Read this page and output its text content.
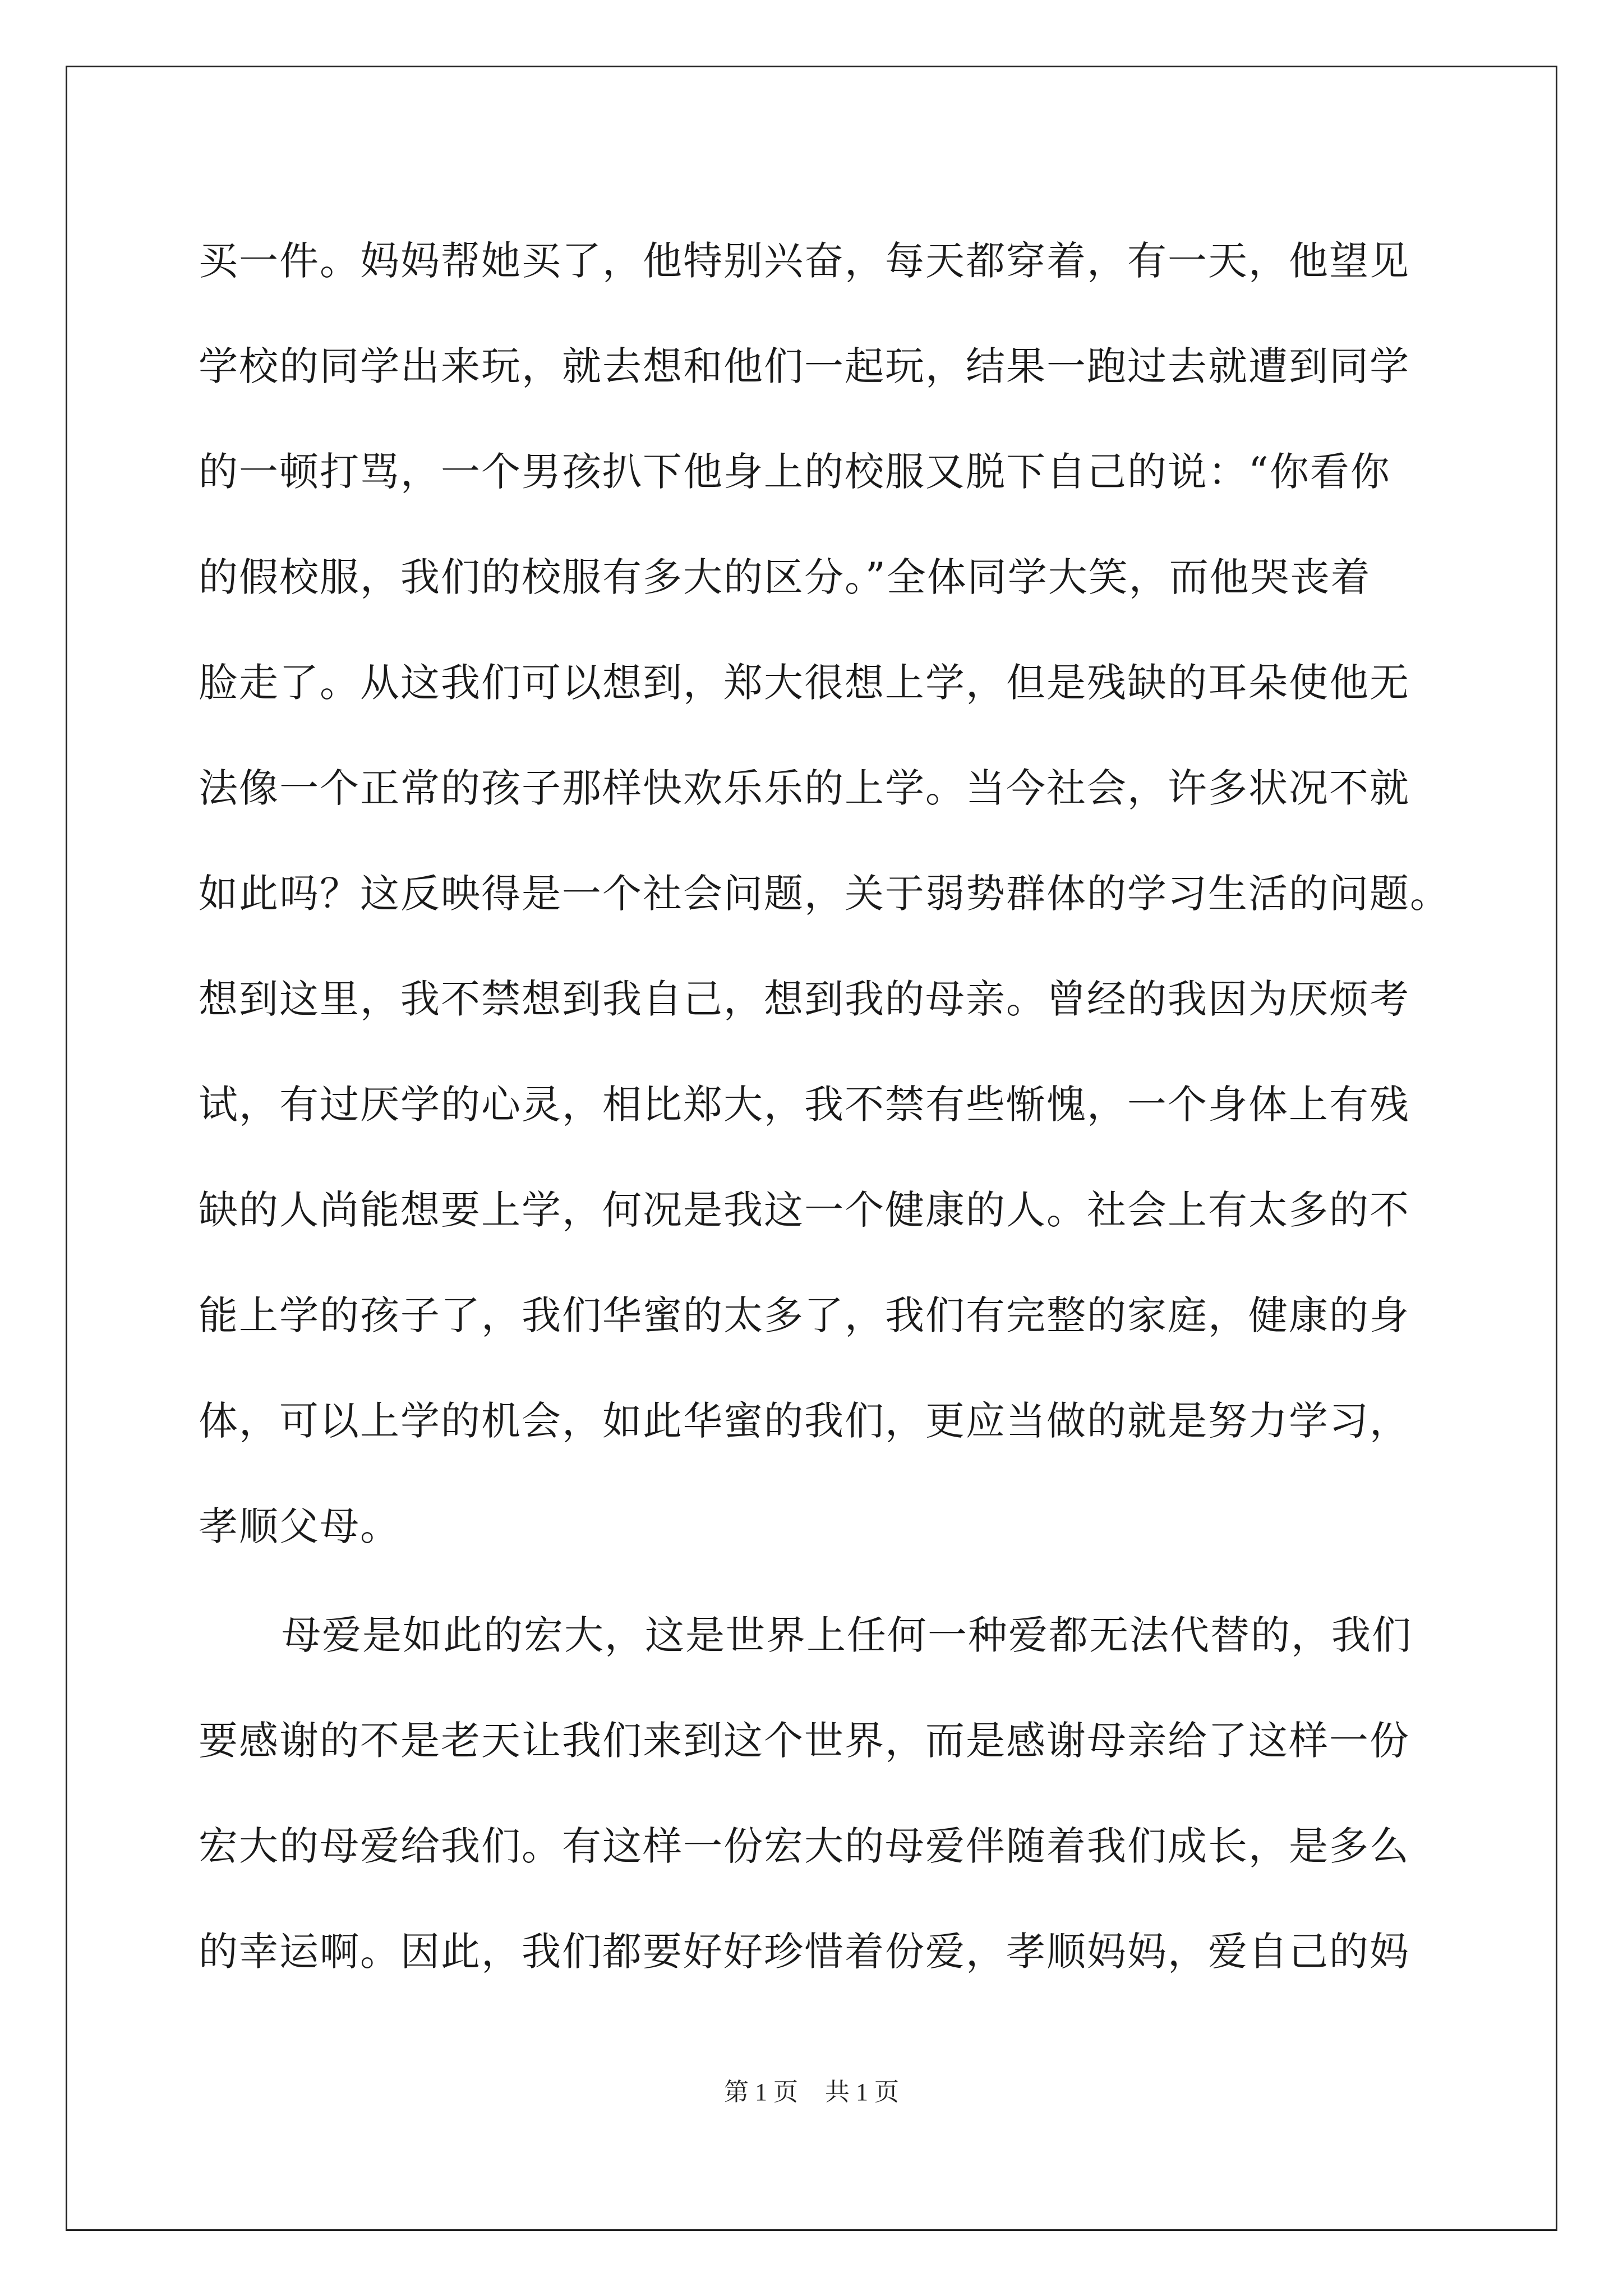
买一件。妈妈帮她买了，他特别兴奋，每天都穿着，有一天，他望见
学校的同学出来玩，就去想和他们一起玩，结果一跑过去就遭到同学
的一顿打骂，一个男孩扒下他身上的校服又脱下自己的说：“你看你
的假校服，我们的校服有多大的区分。”全体同学大笑，而他哭丧着
脸走了。从这我们可以想到，郑大很想上学，但是残缺的耳朵使他无
法像一个正常的孩子那样快欢乐乐的上学。当今社会，许多状况不就
如此吗？这反映得是一个社会问题，关于弱势群体的学习生活的问题。
想到这里，我不禁想到我自己，想到我的母亲。曾经的我因为厌烦考
试，有过厌学的心灵，相比郑大，我不禁有些惭愧，一个身体上有残
缺的人尚能想要上学，何况是我这一个健康的人。社会上有太多的不
能上学的孩子了，我们华蜜的太多了，我们有完整的家庭，健康的身
体，可以上学的机会，如此华蜜的我们，更应当做的就是努力学习，
孝顺父母。
母爱是如此的宏大，这是世界上任何一种爱都无法代替的，我们
要感谢的不是老天让我们来到这个世界，而是感谢母亲给了这样一份
宏大的母爱给我们。有这样一份宏大的母爱伴随着我们成长，是多么
的幸运啊。因此，我们都要好好珍惜着份爱，孝顺妈妈，爱自己的妈
第 1 页 共 1 页
